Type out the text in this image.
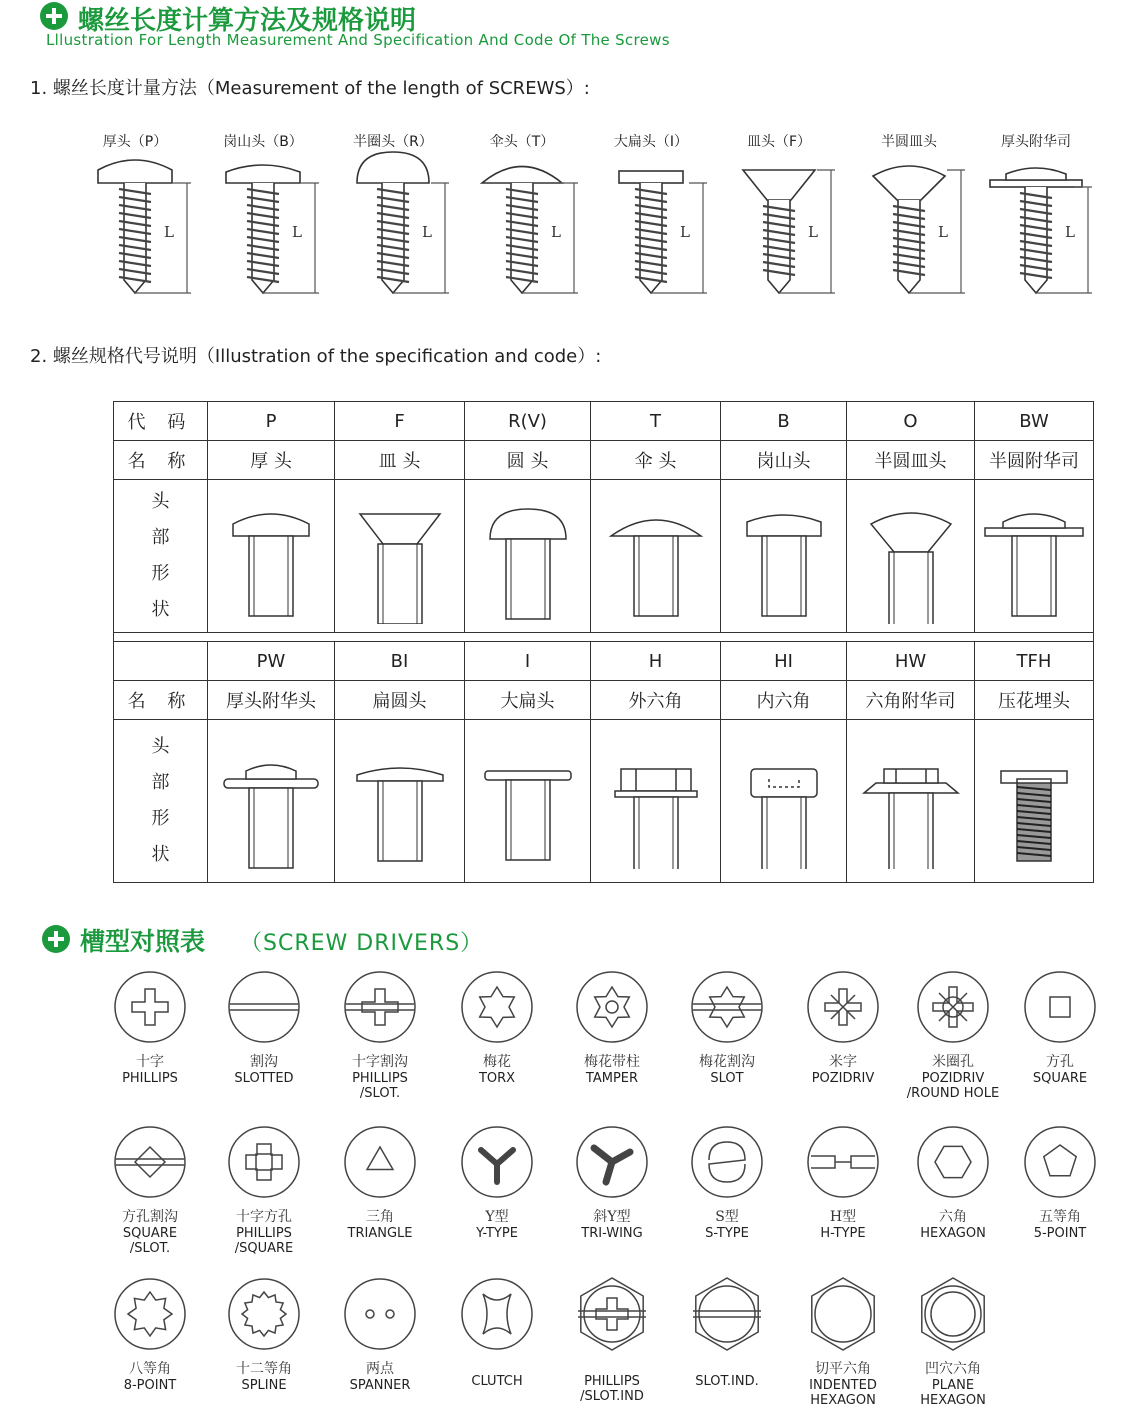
螺丝长度计算方法及规格说明
Lllustration For Length Measurement And Specification And Code Of The Screws
1. 螺丝长度计量方法（Measurement of the length of SCREWS）:
厚头（P）	岗山头（B）	半圈头（R）	伞头（T）	大扁头（I）	皿头（F）	半圆皿头	厚头附华司
L	L	L	L	L	L	L	L
2. 螺丝规格代号说明（Illustration of the specification and code）:
代 码	P	F	R(V)	T	B	O	BW
名 称	厚 头	皿 头	圆 头	伞 头	岗山头	半圆皿头	半圆附华司

头
部
形
状

	PW	BI	I	H	HI	HW	TFH
名 称	厚头附华头	扁圆头	大扁头	外六角	内六角	六角附华司	压花埋头

头
部
形
状

槽型对照表 （SCREW DRIVERS）
十字
PHILLIPS
割沟
SLOTTED
十字割沟
PHILLIPS
/SLOT.
梅花
TORX
梅花带柱
TAMPER
梅花割沟
SLOT
米字
POZIDRIV
米圈孔
POZIDRIV
/ROUND HOLE
方孔
SQUARE
方孔割沟
SQUARE
/SLOT.
十字方孔
PHILLIPS
/SQUARE
三角
TRIANGLE
Y型
Y-TYPE
斜Y型
TRI-WING
S型
S-TYPE
H型
H-TYPE
六角
HEXAGON
五等角
5-POINT
八等角
8-POINT
十二等角
SPLINE
两点
SPANNER
	CLUTCH
	PHILLIPS
/SLOT.IND

SLOT.IND.
切平六角
INDENTED
HEXAGON
凹穴六角
PLANE
HEXAGON
